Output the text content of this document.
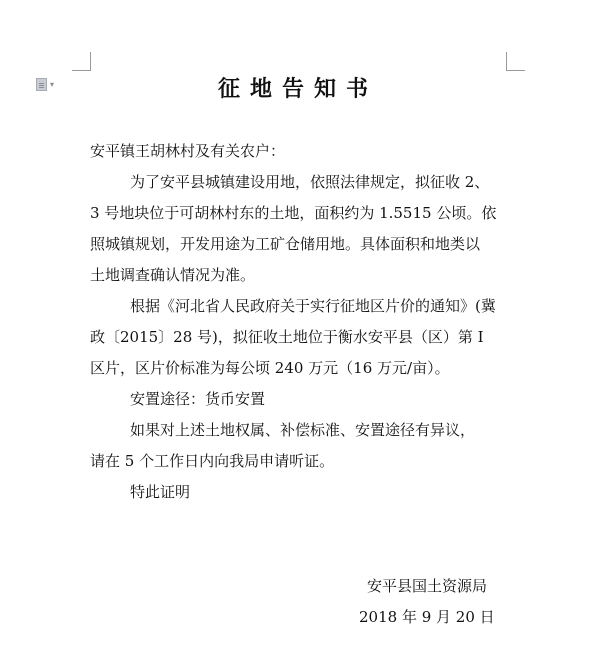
▾	征地告知书
安平镇王胡林村及有关农户：
为了安平县城镇建设用地，依照法律规定，拟征收 2、
3 号地块位于可胡林村东的土地，面积约为 1.5515 公顷。依
照城镇规划，开发用途为工矿仓储用地。具体面积和地类以
土地调查确认情况为准。
根据《河北省人民政府关于实行征地区片价的通知》(冀
政〔2015〕28 号)，拟征收土地位于衡水安平县（区）第 I
区片，区片价标准为每公顷 240 万元（16 万元/亩）。
安置途径：货币安置
如果对上述土地权属、补偿标准、安置途径有异议，
请在 5 个工作日内向我局申请听证。
特此证明
安平县国土资源局
2018 年 9 月 20 日
